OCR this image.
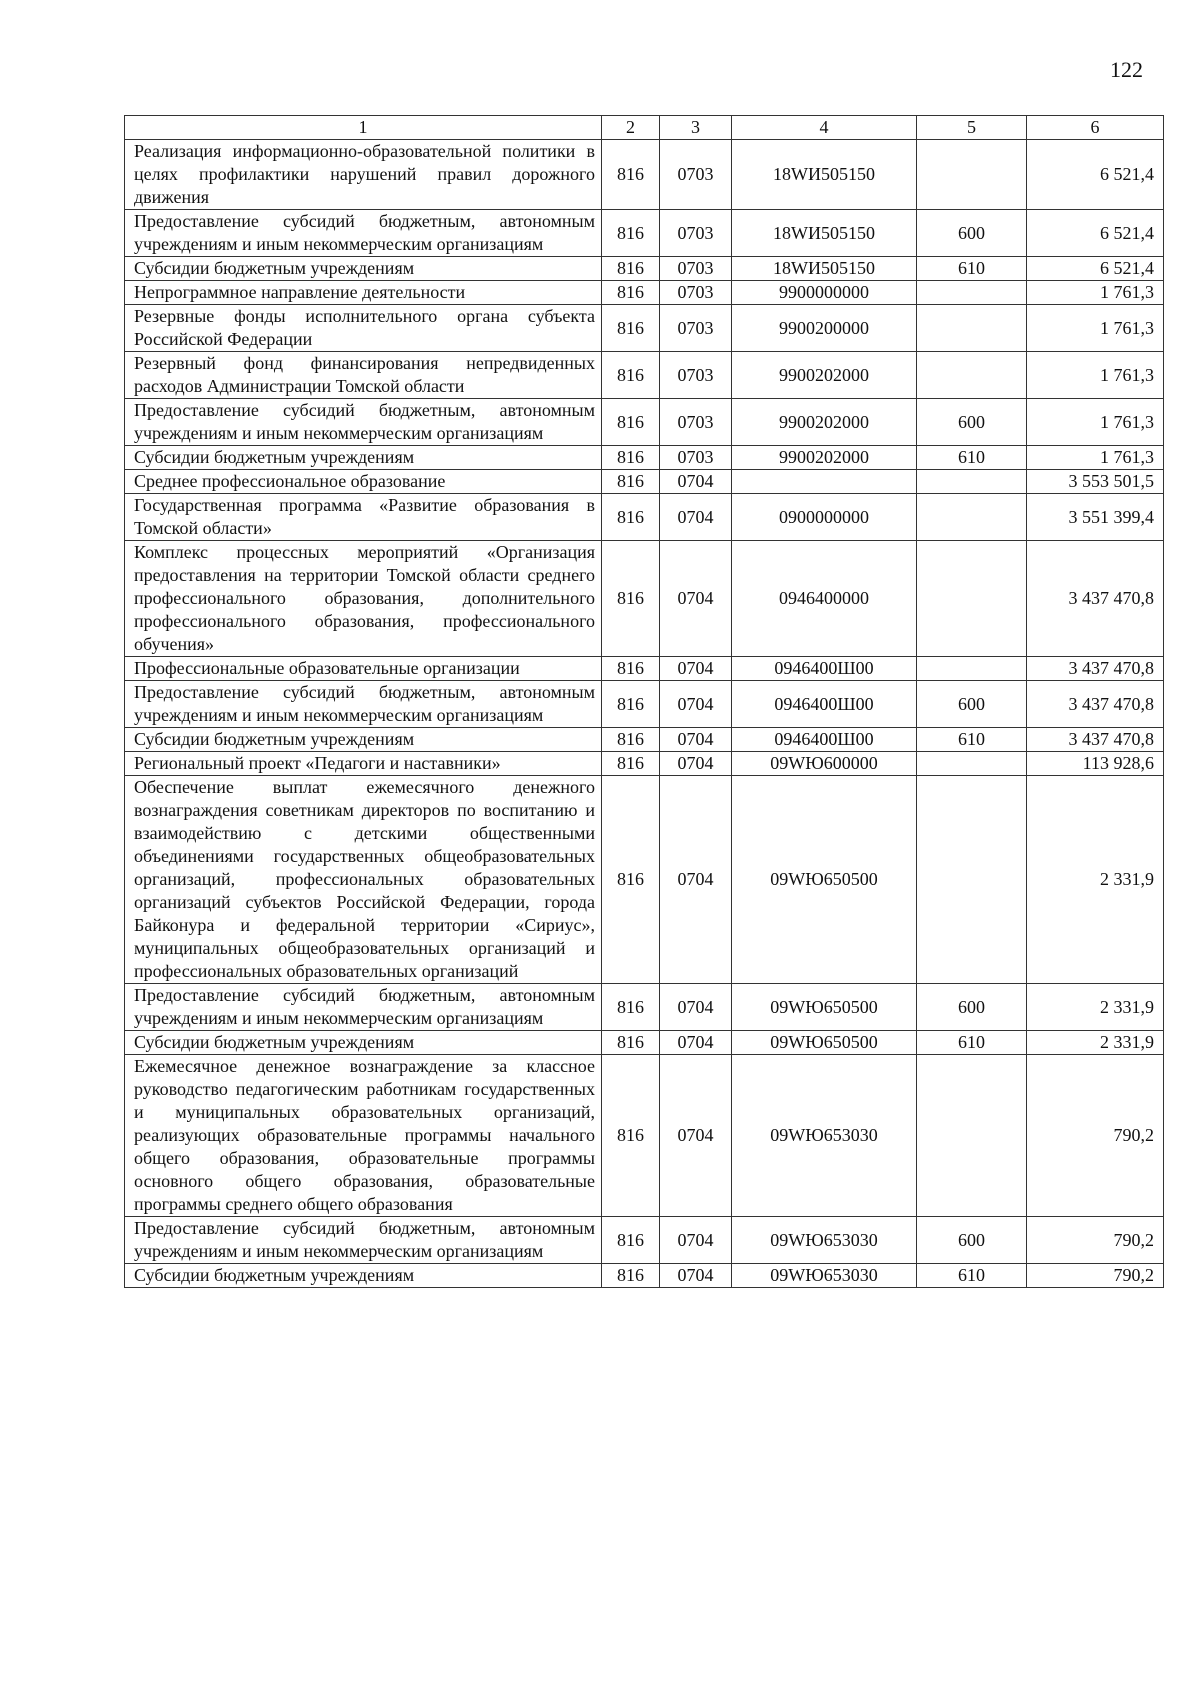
122
1	2	3	4	5	6
Реализация информационно-образовательной политики в целях профилактики нарушений правил дорожного движения	816	0703	18WИ505150		6 521,4
Предоставление субсидий бюджетным, автономным учреждениям и иным некоммерческим организациям	816	0703	18WИ505150	600	6 521,4
Субсидии бюджетным учреждениям	816	0703	18WИ505150	610	6 521,4
Непрограммное направление деятельности	816	0703	9900000000		1 761,3
Резервные фонды исполнительного органа субъекта Российской Федерации	816	0703	9900200000		1 761,3
Резервный фонд финансирования непредвиденных расходов Администрации Томской области	816	0703	9900202000		1 761,3
Предоставление субсидий бюджетным, автономным учреждениям и иным некоммерческим организациям	816	0703	9900202000	600	1 761,3
Субсидии бюджетным учреждениям	816	0703	9900202000	610	1 761,3
Среднее профессиональное образование	816	0704			3 553 501,5
Государственная программа «Развитие образования в Томской области»	816	0704	0900000000		3 551 399,4
Комплекс процессных мероприятий «Организация предоставления на территории Томской области среднего профессионального образования, дополнительного профессионального образования, профессионального обучения»	816	0704	0946400000		3 437 470,8
Профессиональные образовательные организации	816	0704	0946400Ш00		3 437 470,8
Предоставление субсидий бюджетным, автономным учреждениям и иным некоммерческим организациям	816	0704	0946400Ш00	600	3 437 470,8
Субсидии бюджетным учреждениям	816	0704	0946400Ш00	610	3 437 470,8
Региональный проект «Педагоги и наставники»	816	0704	09WЮ600000		113 928,6
Обеспечение выплат ежемесячного денежного вознаграждения советникам директоров по воспитанию и взаимодействию с детскими общественными объединениями государственных общеобразовательных организаций, профессиональных образовательных организаций субъектов Российской Федерации, города Байконура и федеральной территории «Сириус», муниципальных общеобразовательных организаций и профессиональных образовательных организаций	816	0704	09WЮ650500		2 331,9
Предоставление субсидий бюджетным, автономным учреждениям и иным некоммерческим организациям	816	0704	09WЮ650500	600	2 331,9
Субсидии бюджетным учреждениям	816	0704	09WЮ650500	610	2 331,9
Ежемесячное денежное вознаграждение за классное руководство педагогическим работникам государственных и муниципальных образовательных организаций, реализующих образовательные программы начального общего образования, образовательные программы основного общего образования, образовательные программы среднего общего образования	816	0704	09WЮ653030		790,2
Предоставление субсидий бюджетным, автономным учреждениям и иным некоммерческим организациям	816	0704	09WЮ653030	600	790,2
Субсидии бюджетным учреждениям	816	0704	09WЮ653030	610	790,2
